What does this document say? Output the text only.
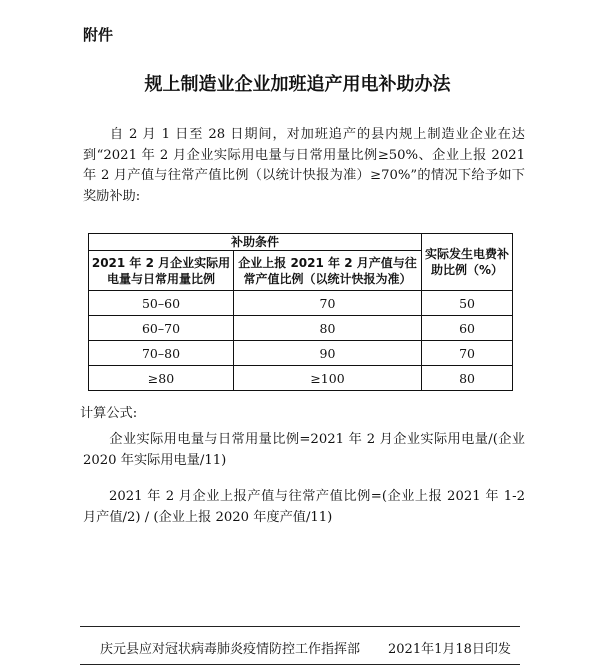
附件
规上制造业企业加班追产用电补助办法
自 2 月 1 日至 28 日期间，对加班追产的县内规上制造业企业在达到“2021 年 2 月企业实际用电量与日常用量比例≥50%、企业上报 2021 年 2 月产值与往常产值比例（以统计快报为准）≥70%”的情况下给予如下奖励补助:
补助条件		实际发生电费补助比例（%）
2021 年 2 月企业实际用电量与日常用量比例	企业上报 2021 年 2 月产值与往常产值比例（以统计快报为准）	
50–60	70	50
60–70	80	60
70–80	90	70
≥80	≥100	80
计算公式:
企业实际用电量与日常用量比例=2021 年 2 月企业实际用电量/(企业 2020 年实际用电量/11)
2021 年 2 月企业上报产值与往常产值比例=(企业上报 2021 年 1-2 月产值/2) / (企业上报 2020 年度产值/11)
庆元县应对冠状病毒肺炎疫情防控工作指挥部 2021年1月18日印发
